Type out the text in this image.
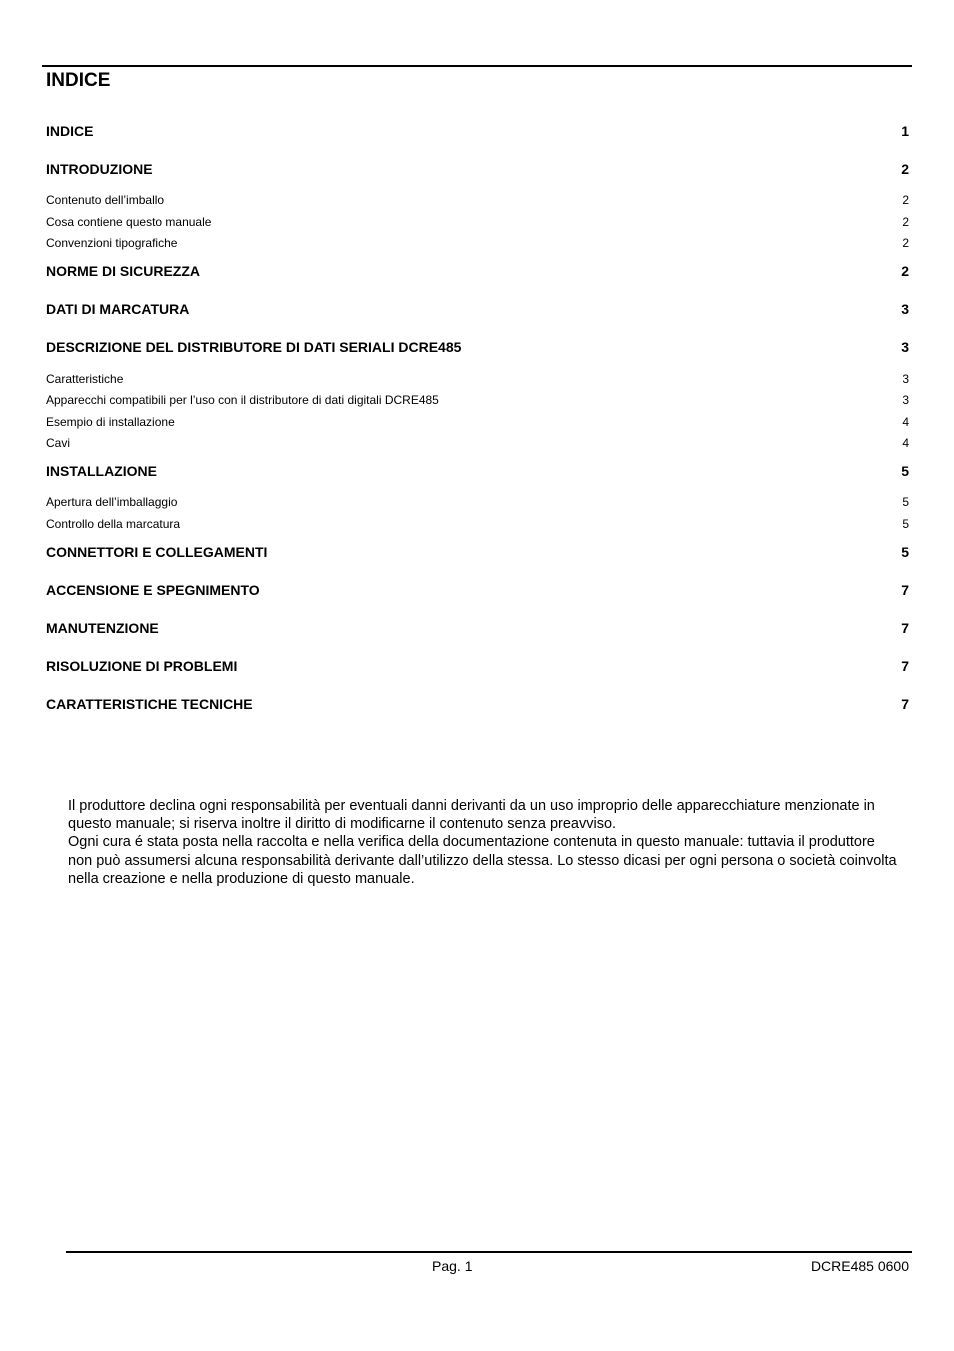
INDICE
INDICE	1
INTRODUZIONE	2
Contenuto dell’imballo	2
Cosa contiene questo manuale	2
Convenzioni tipografiche	2
NORME DI SICUREZZA	2
DATI DI MARCATURA	3
DESCRIZIONE DEL DISTRIBUTORE DI DATI SERIALI DCRE485	3
Caratteristiche	3
Apparecchi compatibili per l’uso con il distributore di dati digitali DCRE485	3
Esempio di installazione	4
Cavi	4
INSTALLAZIONE	5
Apertura dell’imballaggio	5
Controllo della marcatura	5
CONNETTORI E COLLEGAMENTI	5
ACCENSIONE E SPEGNIMENTO	7
MANUTENZIONE	7
RISOLUZIONE DI PROBLEMI	7
CARATTERISTICHE TECNICHE	7

Il produttore declina ogni responsabilità per eventuali danni derivanti da un uso improprio delle apparecchiature menzionate in questo manuale; si riserva inoltre il diritto di modificarne il contenuto senza preavviso.

Ogni cura é stata posta nella raccolta e nella verifica della documentazione contenuta in questo manuale: tuttavia il produttore non può assumersi alcuna responsabilità derivante dall’utilizzo della stessa. Lo stesso dicasi per ogni persona o società coinvolta nella creazione e nella produzione di questo manuale.

Pag. 1	DCRE485 0600
